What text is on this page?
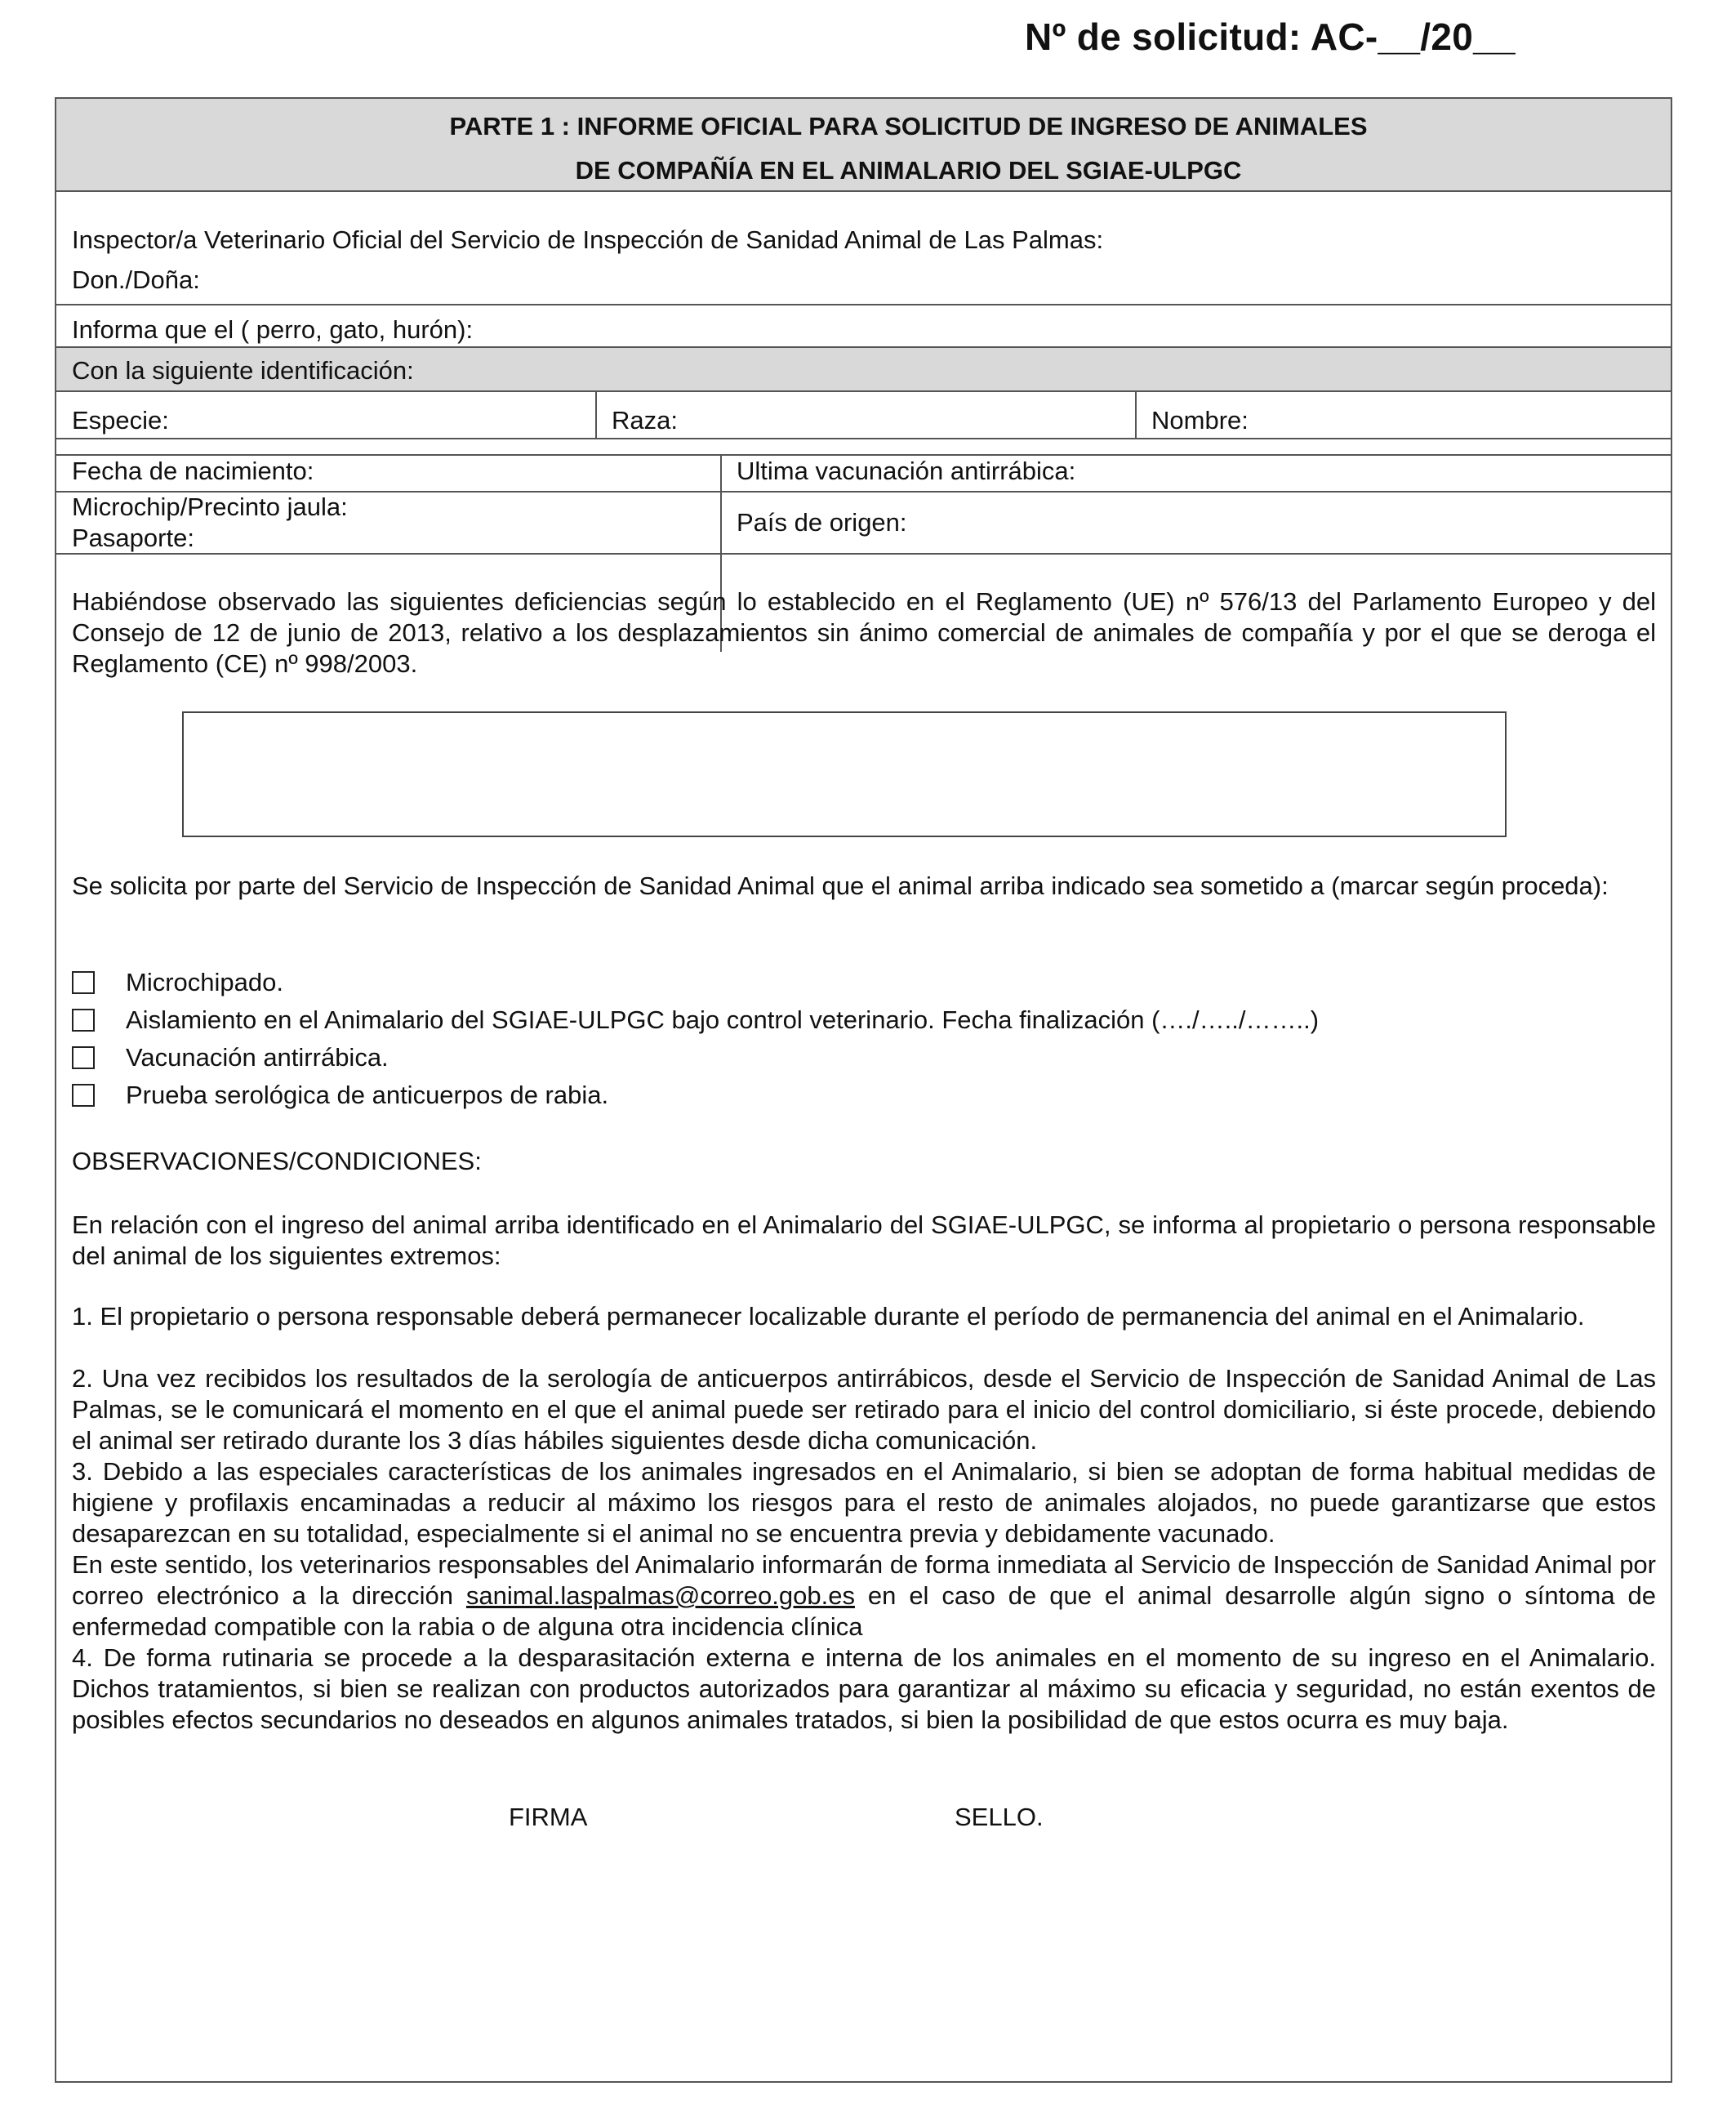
Nº de solicitud: AC-__/20__
PARTE 1 : INFORME OFICIAL PARA SOLICITUD DE INGRESO DE ANIMALES
DE COMPAÑÍA EN EL ANIMALARIO DEL SGIAE-ULPGC
Inspector/a Veterinario Oficial del Servicio de Inspección de Sanidad Animal de Las Palmas:
Don./Doña:
Informa que el ( perro, gato, hurón):
Con la siguiente identificación:
Especie:	Raza:	Nombre:
Fecha de nacimiento:	Ultima vacunación antirrábica:
Microchip/Precinto jaula:
Pasaporte:
País de origen:
Habiéndose observado las siguientes deficiencias según lo establecido en el Reglamento (UE) nº 576/13 del Parlamento Europeo y del Consejo de 12 de junio de 2013, relativo a los desplazamientos sin ánimo comercial de animales de compañía y por el que se deroga el Reglamento (CE) nº 998/2003.
Se solicita por parte del Servicio de Inspección de Sanidad Animal que el animal arriba indicado sea sometido a (marcar según proceda):
Microchipado.
Aislamiento en el Animalario del SGIAE-ULPGC bajo control veterinario. Fecha finalización (…./…../……..)
Vacunación antirrábica.
Prueba serológica de anticuerpos de rabia.
OBSERVACIONES/CONDICIONES:
En relación con el ingreso del animal arriba identificado en el Animalario del SGIAE-ULPGC, se informa al propietario o persona responsable del animal de los siguientes extremos:
1. El propietario o persona responsable deberá permanecer localizable durante el período de permanencia del animal en el Animalario.
2. Una vez recibidos los resultados de la serología de anticuerpos antirrábicos, desde el Servicio de Inspección de Sanidad Animal de Las Palmas, se le comunicará el momento en el que el animal puede ser retirado para el inicio del control domiciliario, si éste procede, debiendo el animal ser retirado durante los 3 días hábiles siguientes desde dicha comunicación.
3. Debido a las especiales características de los animales ingresados en el Animalario, si bien se adoptan de forma habitual medidas de higiene y profilaxis encaminadas a reducir al máximo los riesgos para el resto de animales alojados, no puede garantizarse que estos desaparezcan en su totalidad, especialmente si el animal no se encuentra previa y debidamente vacunado.
En este sentido, los veterinarios responsables del Animalario informarán de forma inmediata al Servicio de Inspección de Sanidad Animal por correo electrónico a la dirección sanimal.laspalmas@correo.gob.es en el caso de que el animal desarrolle algún signo o síntoma de enfermedad compatible con la rabia o de alguna otra incidencia clínica
4. De forma rutinaria se procede a la desparasitación externa e interna de los animales en el momento de su ingreso en el Animalario. Dichos tratamientos, si bien se realizan con productos autorizados para garantizar al máximo su eficacia y seguridad, no están exentos de posibles efectos secundarios no deseados en algunos animales tratados, si bien la posibilidad de que estos ocurra es muy baja.
FIRMA	SELLO.
